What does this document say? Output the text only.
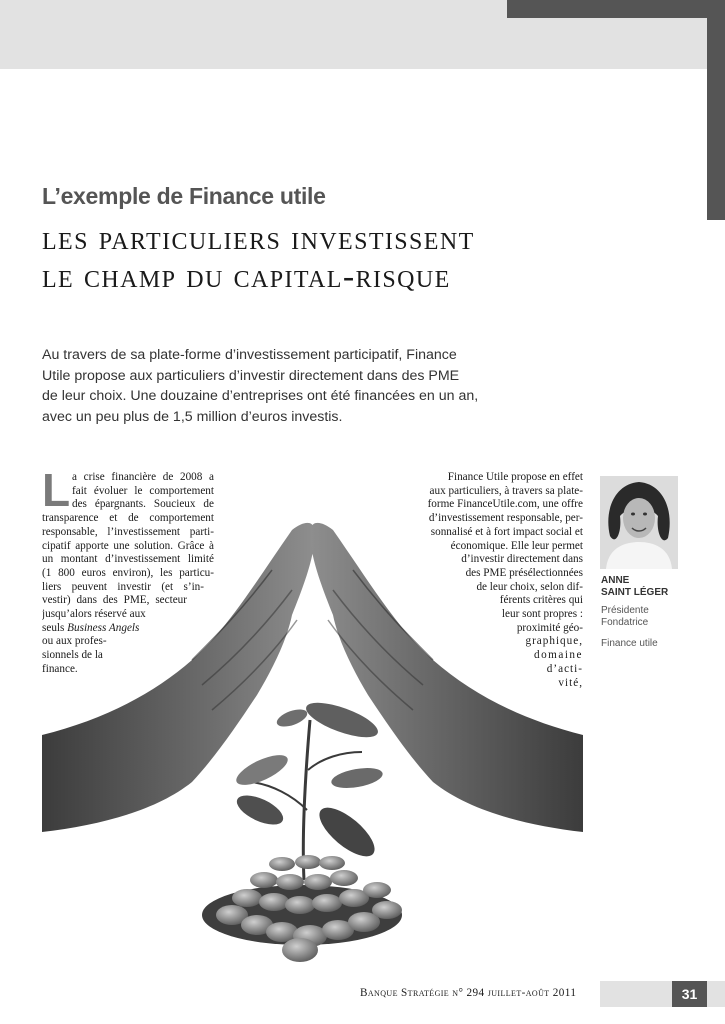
L’exemple de Finance utile

les particuliers investissent
le champ du capital-risque
Au travers de sa plate-forme d’investissement participatif, Finance
Utile propose aux particuliers d’investir directement dans des PME
de leur choix. Une douzaine d’entreprises ont été financées en un an,
avec un peu plus de 1,5 million d’euros investis.
L a crise financière de 2008 a
fait évoluer le comportement
des épargnants. Soucieux de
transparence et de comportement
responsable, l’investissement parti-
cipatif apporte une solution. Grâce à
un montant d’investissement limité
(1 800 euros environ), les particu-
liers peuvent investir (et s’in-
vestir) dans des PME, secteur
jusqu’alors réservé aux
seuls Business Angels
ou aux profes-
sionnels de la
finance.
Finance Utile propose en effet
aux particuliers, à travers sa plate-
forme FinanceUtile.com, une offre
d’investissement responsable, per-
sonnalisé et à fort impact social et
économique. Elle leur permet
d’investir directement dans
des PME présélectionnées
de leur choix, selon dif-
férents critères qui
leur sont propres :
proximité géo-
graphique,
domaine
d’acti-
vité,

ANNE
SAINT LÉGER

Présidente
Fondatrice

Finance utile

Banque Stratégie n° 294 juillet-août 2011	31
